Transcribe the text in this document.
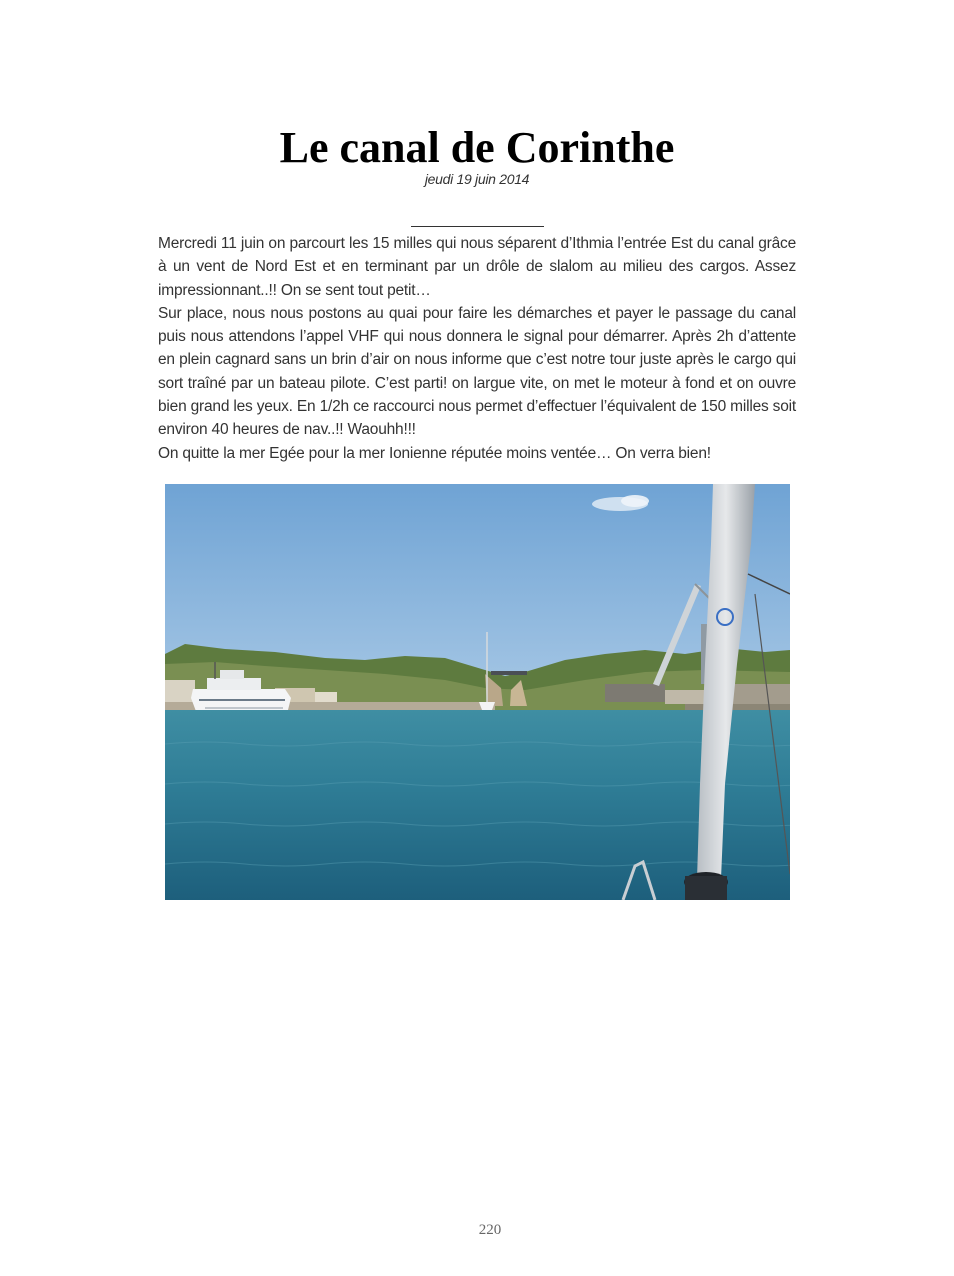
Le canal de Corinthe
jeudi 19 juin 2014

Mercredi 11 juin on parcourt les 15 milles qui nous séparent d’Ithmia l’entrée Est du canal grâce à un vent de Nord Est et en terminant par un drôle de slalom au milieu des cargos. Assez impressionnant..!! On se sent tout petit…

Sur place, nous nous postons au quai pour faire les démarches et payer le passage du canal puis nous attendons l’appel VHF qui nous donnera le signal pour démarrer. Après 2h d’attente en plein cagnard sans un brin d’air on nous informe que c’est notre tour juste après le cargo qui sort traîné par un bateau pilote. C’est parti! on largue vite, on met le moteur à fond et on ouvre bien grand les yeux. En 1/2h ce raccourci nous permet d’effectuer l’équivalent de 150 milles soit environ 40 heures de nav..!! Waouhh!!!

On quitte la mer Egée pour la mer Ionienne réputée moins ventée… On verra bien!

220
